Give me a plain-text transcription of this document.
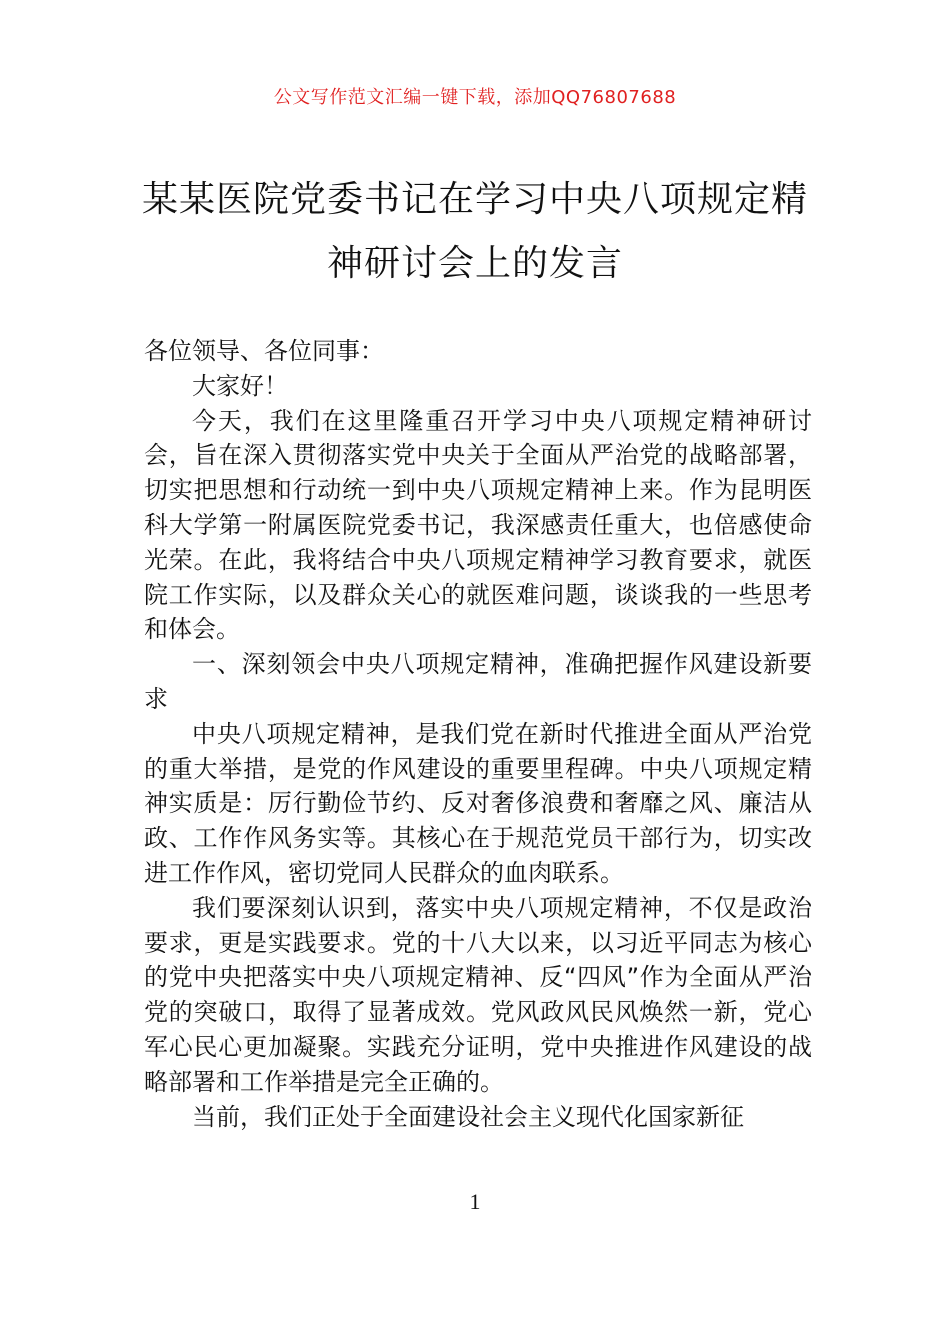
公文写作范文汇编一键下载，添加QQ76807688
某某医院党委书记在学习中央八项规定精神研讨会上的发言

各位领导、各位同事：

大家好！

今天，我们在这里隆重召开学习中央八项规定精神研讨会，旨在深入贯彻落实党中央关于全面从严治党的战略部署，切实把思想和行动统一到中央八项规定精神上来。作为昆明医科大学第一附属医院党委书记，我深感责任重大，也倍感使命光荣。在此，我将结合中央八项规定精神学习教育要求，就医院工作实际，以及群众关心的就医难问题，谈谈我的一些思考和体会。

一、深刻领会中央八项规定精神，准确把握作风建设新要求

中央八项规定精神，是我们党在新时代推进全面从严治党的重大举措，是党的作风建设的重要里程碑。中央八项规定精神实质是：厉行勤俭节约、反对奢侈浪费和奢靡之风、廉洁从政、工作作风务实等。其核心在于规范党员干部行为，切实改进工作作风，密切党同人民群众的血肉联系。

我们要深刻认识到，落实中央八项规定精神，不仅是政治要求，更是实践要求。党的十八大以来，以习近平同志为核心的党中央把落实中央八项规定精神、反“四风”作为全面从严治党的突破口，取得了显著成效。党风政风民风焕然一新，党心军心民心更加凝聚。实践充分证明，党中央推进作风建设的战略部署和工作举措是完全正确的。

当前，我们正处于全面建设社会主义现代化国家新征

1
